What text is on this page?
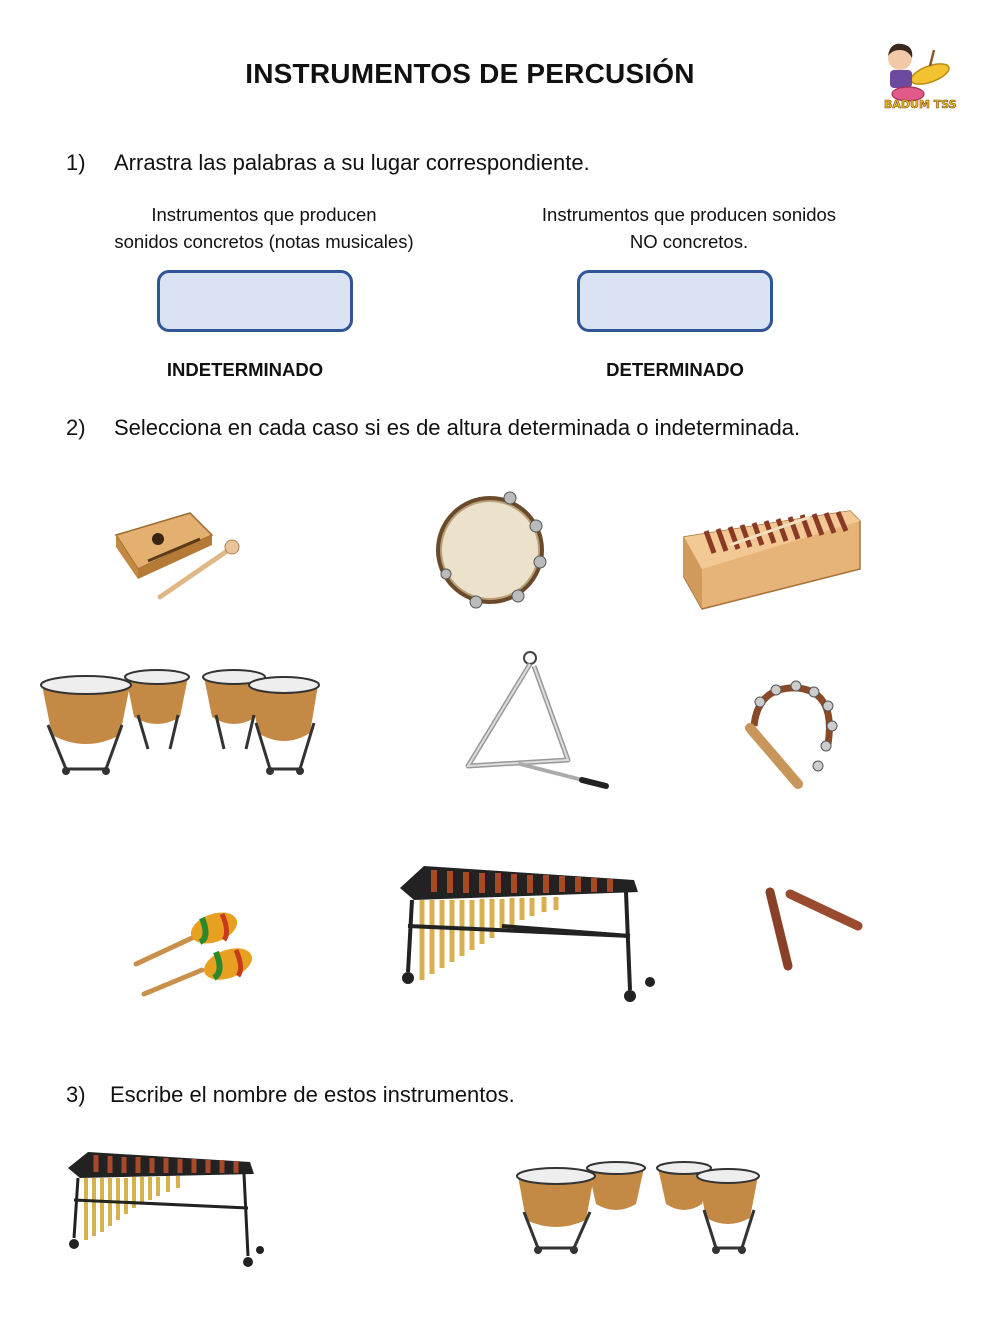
INSTRUMENTOS DE PERCUSIÓN
BADUM TSS
1) Arrastra las palabras a su lugar correspondiente.
Instrumentos que producen
sonidos concretos (notas musicales)
Instrumentos que producen sonidos
NO concretos.
INDETERMINADO	DETERMINADO
2) Selecciona en cada caso si es de altura determinada o indeterminada.
3) Escribe el nombre de estos instrumentos.
